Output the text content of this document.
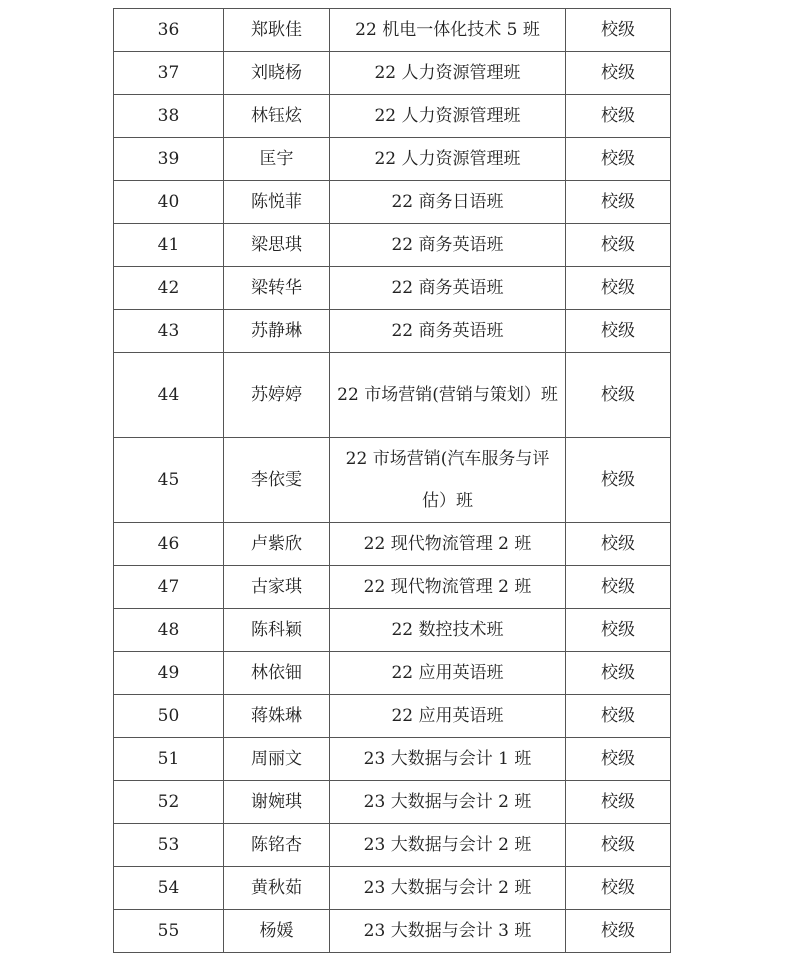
36	郑耿佳	22 机电一体化技术 5 班	校级
37	刘晓杨	22 人力资源管理班	校级
38	林钰炫	22 人力资源管理班	校级
39	匡宇	22 人力资源管理班	校级
40	陈悦菲	22 商务日语班	校级
41	梁思琪	22 商务英语班	校级
42	梁转华	22 商务英语班	校级
43	苏静琳	22 商务英语班	校级
44	苏婷婷	22 市场营销(营销与策划）班	校级
45	李依雯	22 市场营销(汽车服务与评估）班	校级
46	卢紫欣	22 现代物流管理 2 班	校级
47	古家琪	22 现代物流管理 2 班	校级
48	陈科颖	22 数控技术班	校级
49	林依钿	22 应用英语班	校级
50	蒋姝琳	22 应用英语班	校级
51	周丽文	23 大数据与会计 1 班	校级
52	谢婉琪	23 大数据与会计 2 班	校级
53	陈铭杏	23 大数据与会计 2 班	校级
54	黄秋茹	23 大数据与会计 2 班	校级
55	杨媛	23 大数据与会计 3 班	校级
